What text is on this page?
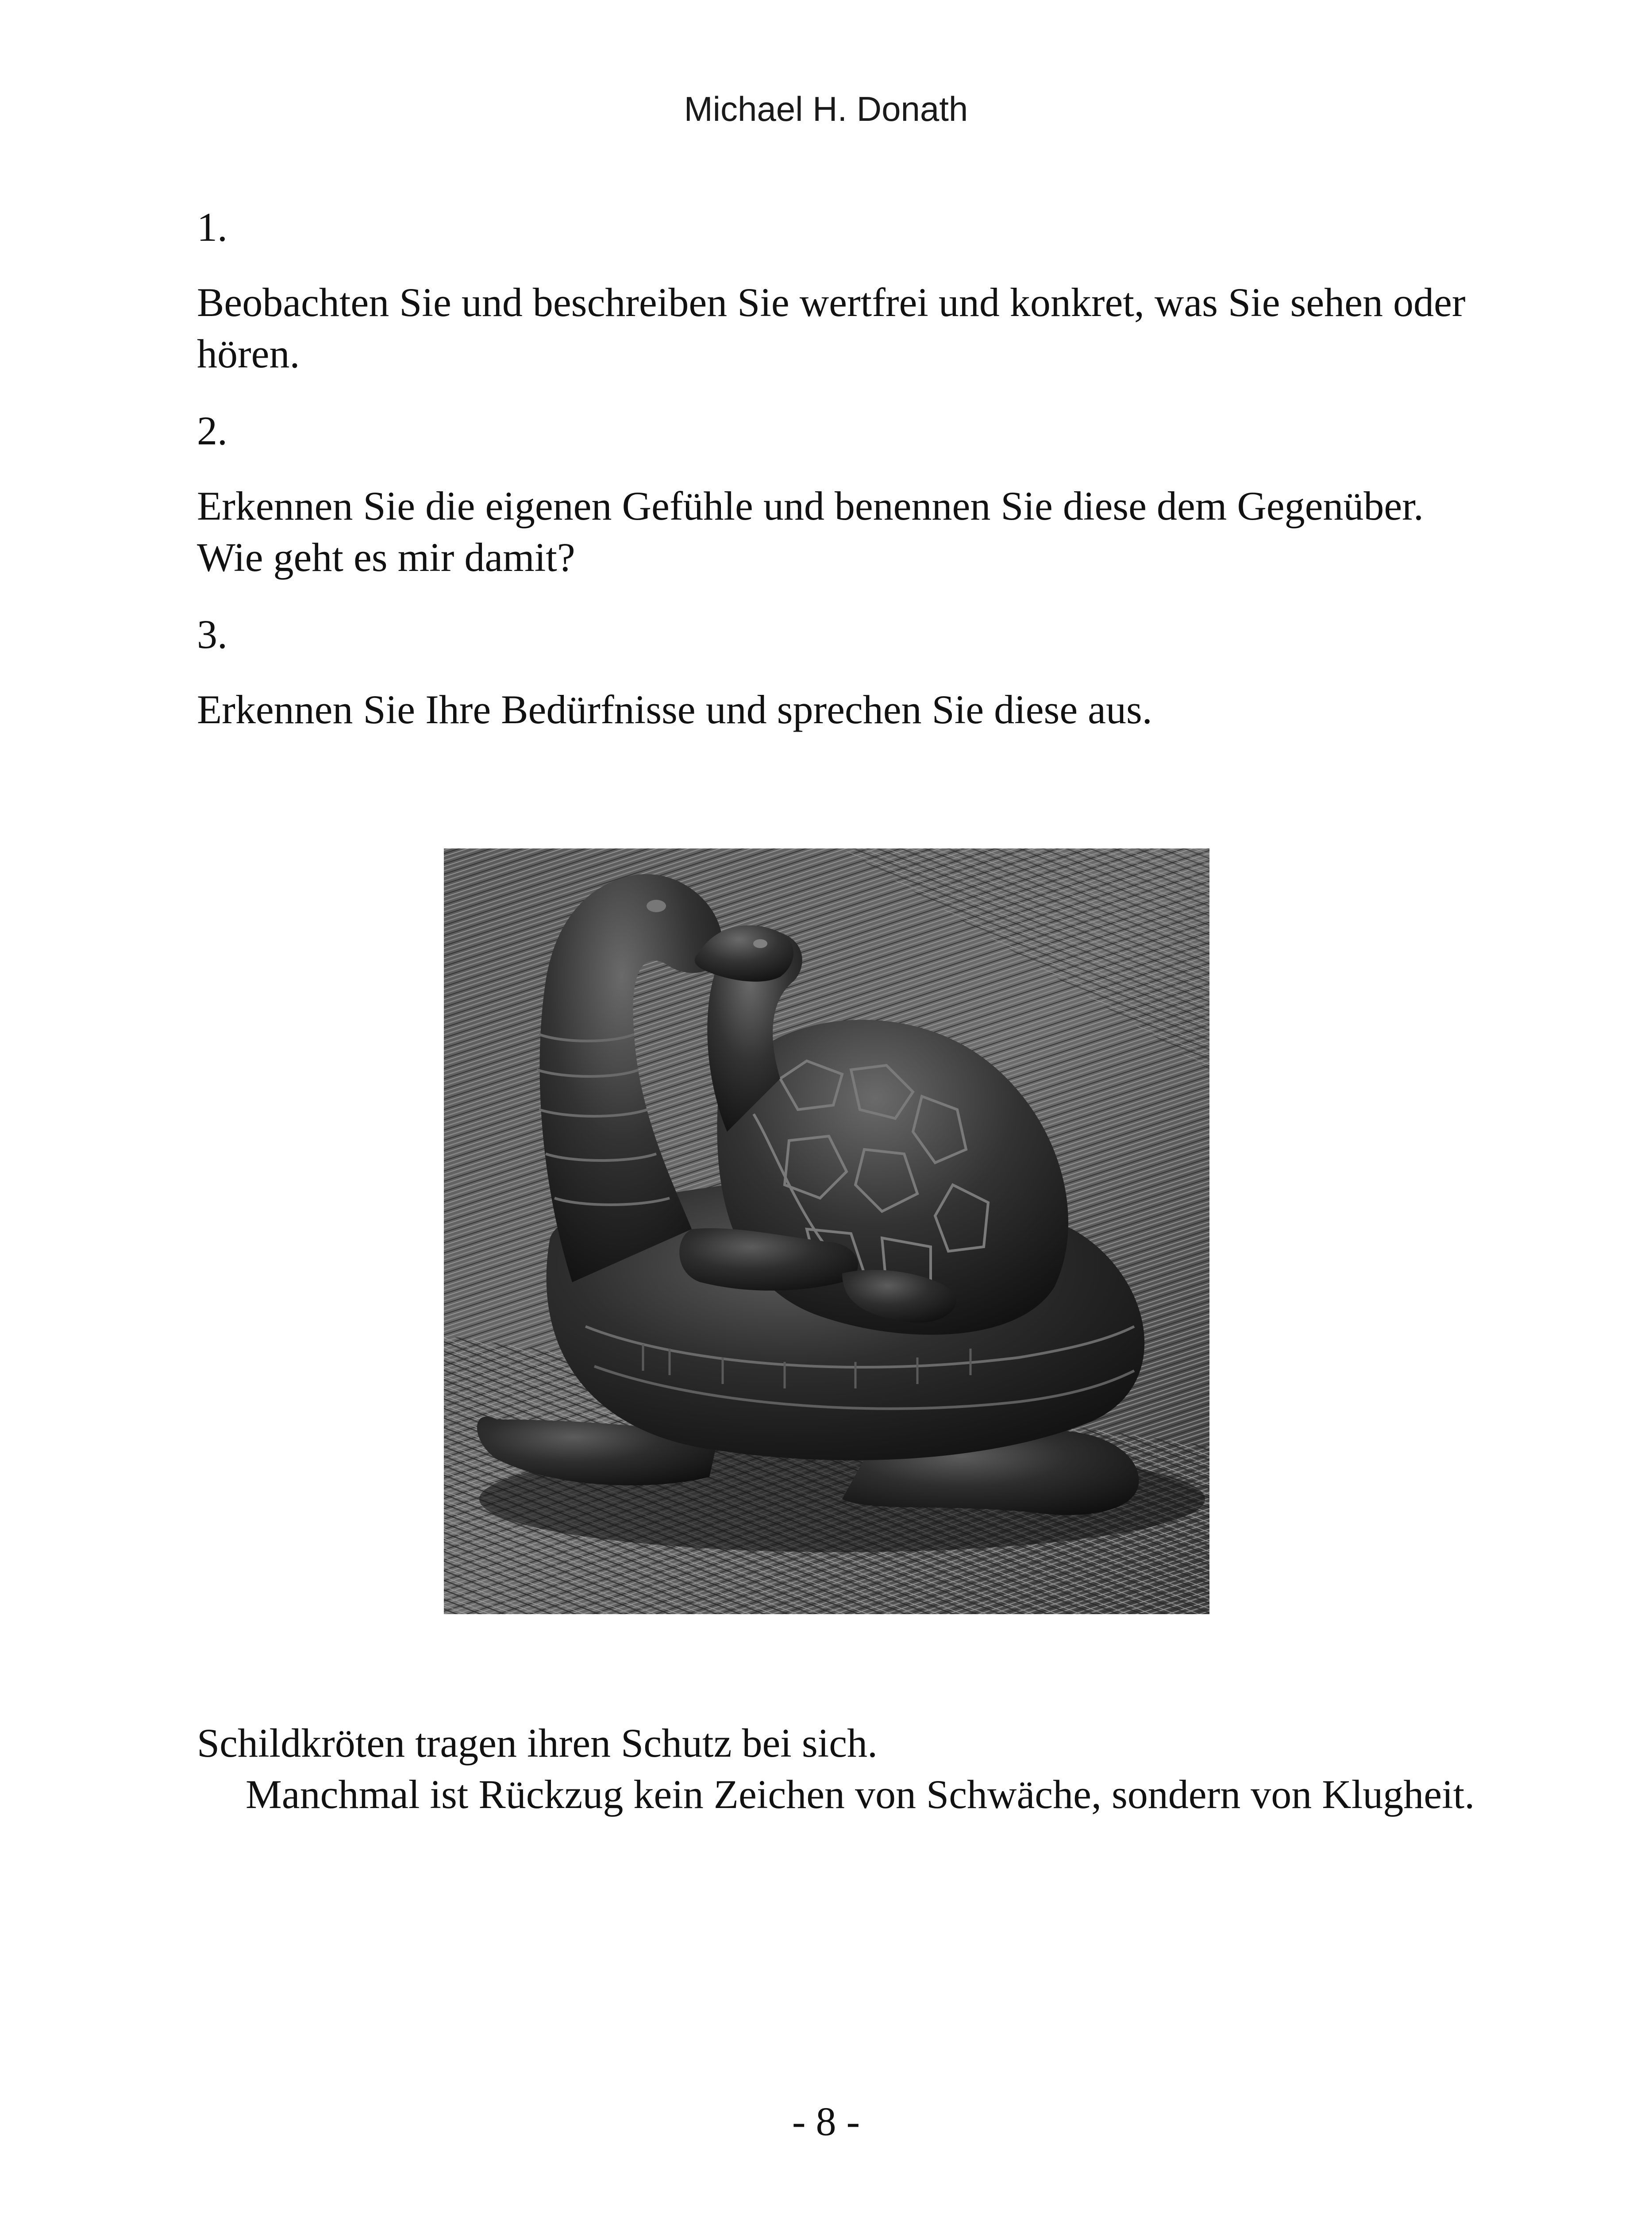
Michael H. Donath
1.
Beobachten Sie und beschreiben Sie wertfrei und konkret, was Sie sehen oder
hören.
2.
Erkennen Sie die eigenen Gefühle und benennen Sie diese dem Gegenüber.
Wie geht es mir damit?
3.
Erkennen Sie Ihre Bedürfnisse und sprechen Sie diese aus.
Schildkröten tragen ihren Schutz bei sich.
Manchmal ist Rückzug kein Zeichen von Schwäche, sondern von Klugheit.
- 8 -
